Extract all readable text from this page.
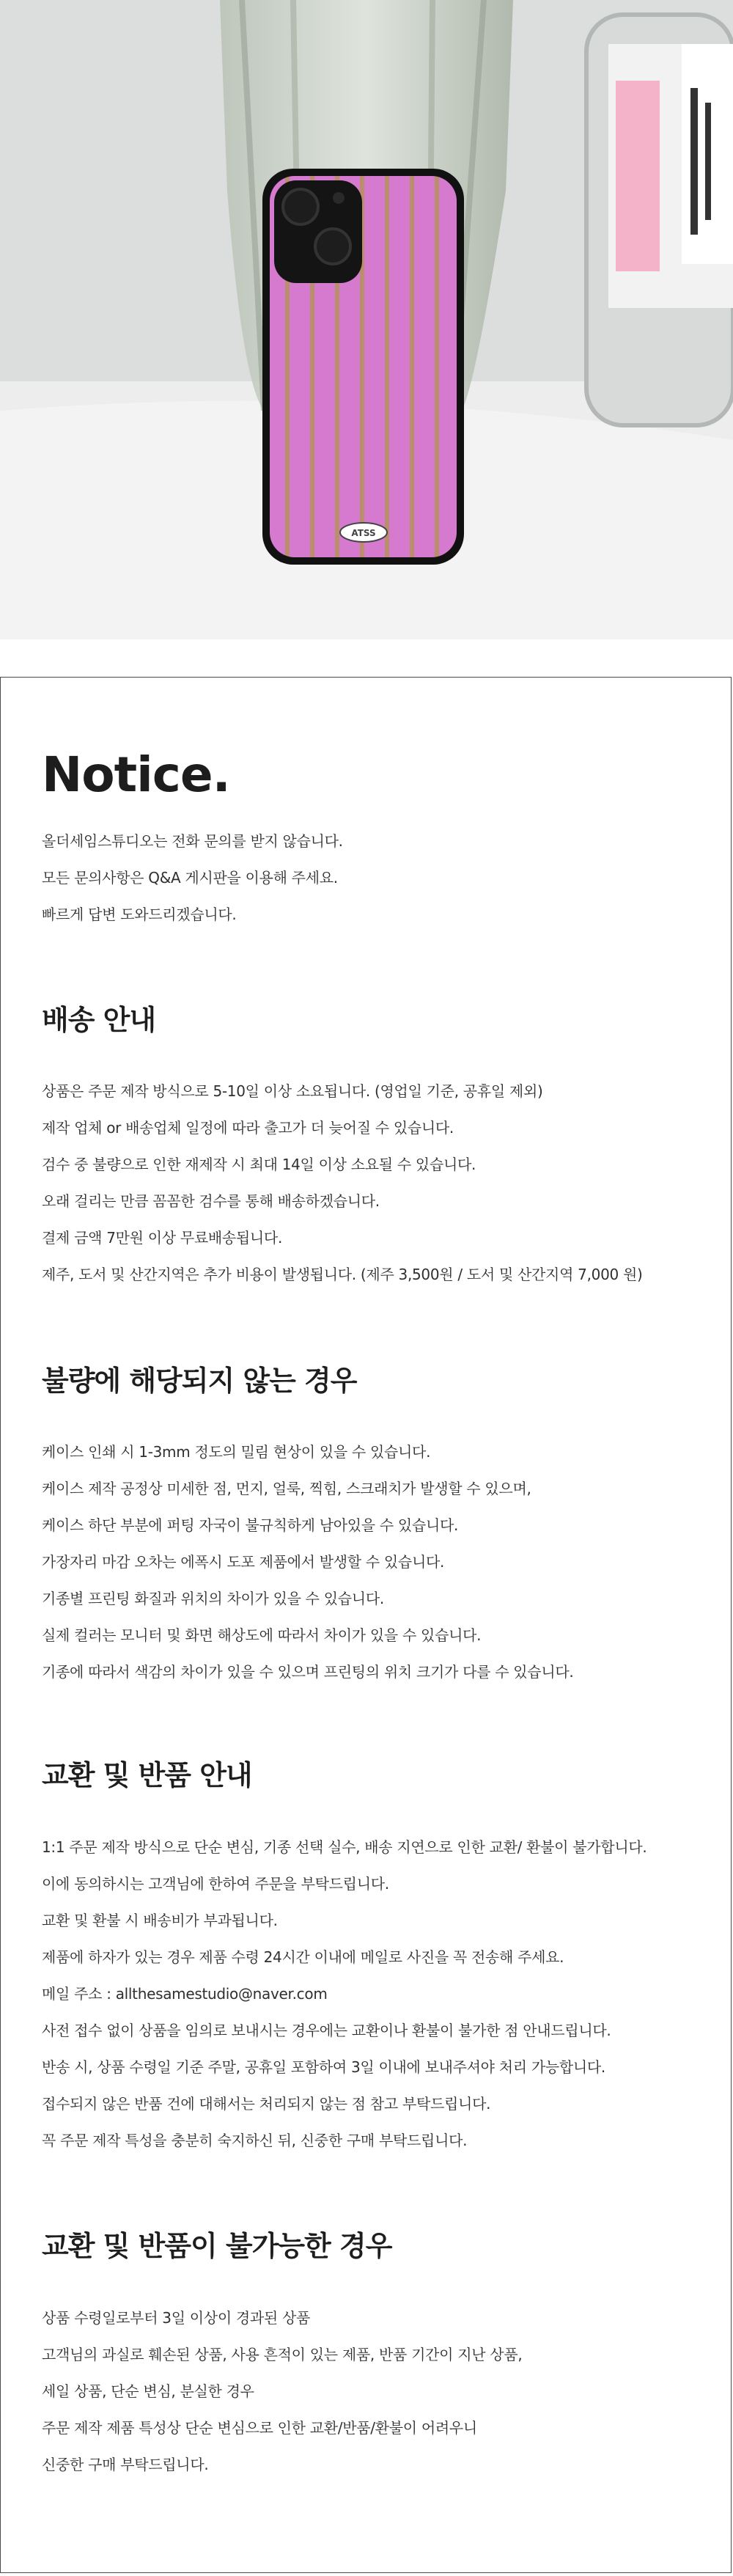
ATSS
Notice.
올더세임스튜디오는 전화 문의를 받지 않습니다.
모든 문의사항은 Q&A 게시판을 이용해 주세요.
빠르게 답변 도와드리겠습니다.
배송 안내
상품은 주문 제작 방식으로 5-10일 이상 소요됩니다. (영업일 기준, 공휴일 제외)
제작 업체 or 배송업체 일정에 따라 출고가 더 늦어질 수 있습니다.
검수 중 불량으로 인한 재제작 시 최대 14일 이상 소요될 수 있습니다.
오래 걸리는 만큼 꼼꼼한 검수를 통해 배송하겠습니다.
결제 금액 7만원 이상 무료배송됩니다.
제주, 도서 및 산간지역은 추가 비용이 발생됩니다. (제주 3,500원 / 도서 및 산간지역 7,000 원)
불량에 해당되지 않는 경우
케이스 인쇄 시 1-3mm 정도의 밀림 현상이 있을 수 있습니다.
케이스 제작 공정상 미세한 점, 먼지, 얼룩, 찍힘, 스크래치가 발생할 수 있으며,
케이스 하단 부분에 퍼팅 자국이 불규칙하게 남아있을 수 있습니다.
가장자리 마감 오차는 에폭시 도포 제품에서 발생할 수 있습니다.
기종별 프린팅 화질과 위치의 차이가 있을 수 있습니다.
실제 컬러는 모니터 및 화면 해상도에 따라서 차이가 있을 수 있습니다.
기종에 따라서 색감의 차이가 있을 수 있으며 프린팅의 위치 크기가 다를 수 있습니다.
교환 및 반품 안내
1:1 주문 제작 방식으로 단순 변심, 기종 선택 실수, 배송 지연으로 인한 교환/ 환불이 불가합니다.
이에 동의하시는 고객님에 한하여 주문을 부탁드립니다.
교환 및 환불 시 배송비가 부과됩니다.
제품에 하자가 있는 경우 제품 수령 24시간 이내에 메일로 사진을 꼭 전송해 주세요.
메일 주소 : allthesamestudio@naver.com
사전 접수 없이 상품을 임의로 보내시는 경우에는 교환이나 환불이 불가한 점 안내드립니다.
반송 시, 상품 수령일 기준 주말, 공휴일 포함하여 3일 이내에 보내주셔야 처리 가능합니다.
접수되지 않은 반품 건에 대해서는 처리되지 않는 점 참고 부탁드립니다.
꼭 주문 제작 특성을 충분히 숙지하신 뒤, 신중한 구매 부탁드립니다.
교환 및 반품이 불가능한 경우
상품 수령일로부터 3일 이상이 경과된 상품
고객님의 과실로 훼손된 상품, 사용 흔적이 있는 제품, 반품 기간이 지난 상품,
세일 상품, 단순 변심, 분실한 경우
주문 제작 제품 특성상 단순 변심으로 인한 교환/반품/환불이 어려우니
신중한 구매 부탁드립니다.
